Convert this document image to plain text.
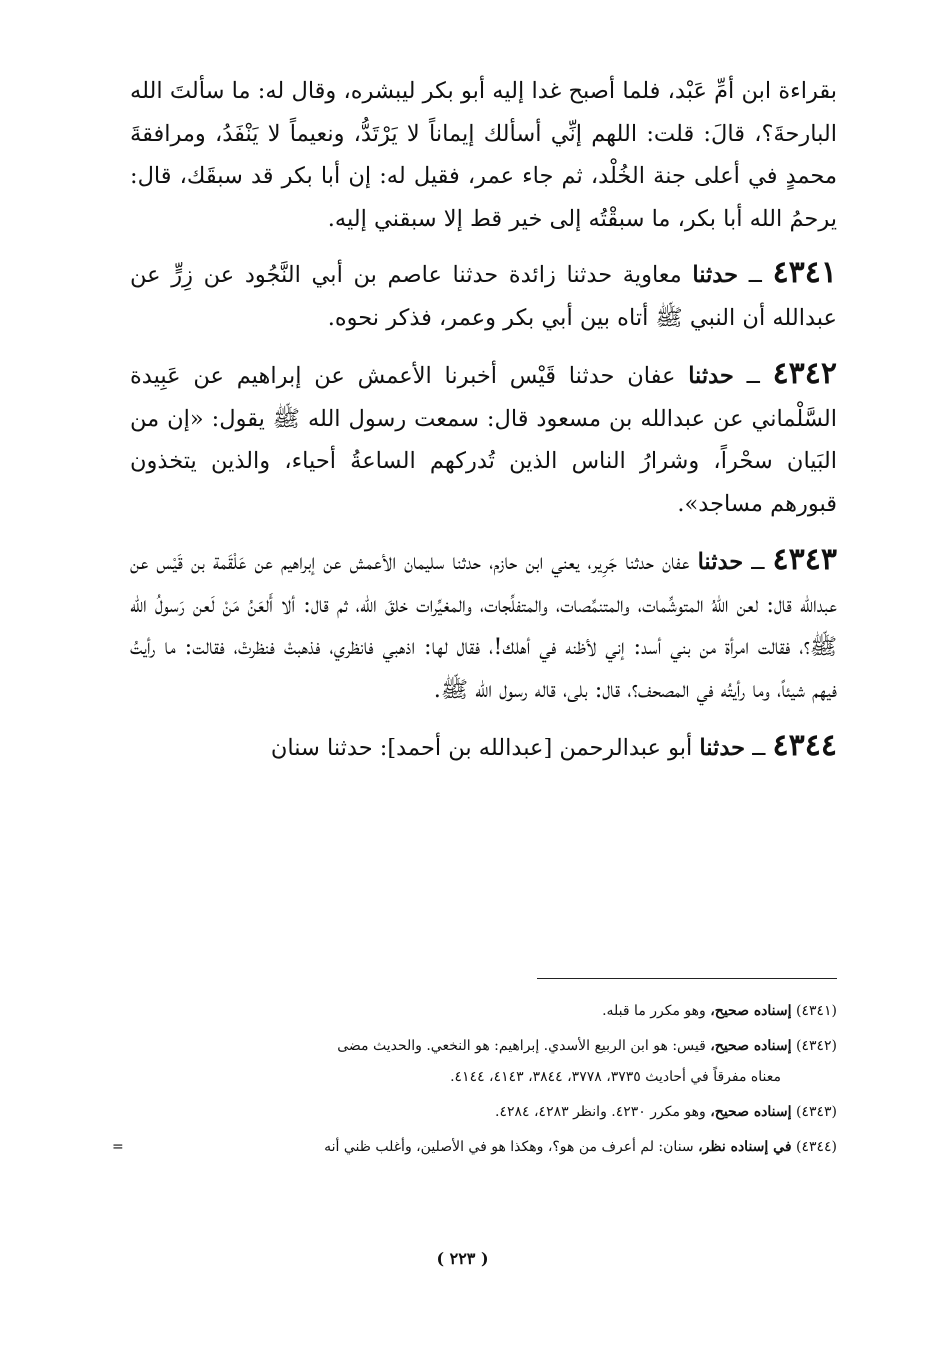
بقراءة ابن أمِّ عَبْد، فلما أصبح غدا إليه أبو بكر ليبشره، وقال له: ما سألتَ الله البارحةَ؟، قالَ: قلت: اللهم إنِّي أسألك إيماناً لا يَرْتَدُّ، ونعيماً لا يَنْفَدُ، ومرافقةَ محمدٍ في أعلى جنة الخُلْد، ثم جاء عمر، فقيل له: إن أبا بكر قد سبقَك، قال: يرحمُ الله أبا بكر، ما سبقْتُه إلى خير قط إلا سبقني إليه.

٤٣٤١ ــ حدثنا معاوية حدثنا زائدة حدثنا عاصم بن أبي النَّجُود عن زِرٍّ عن عبدالله أن النبي ﷺ أتاه بين أبي بكر وعمر، فذكر نحوه.

٤٣٤٢ ــ حدثنا عفان حدثنا قَيْس أخبرنا الأعمش عن إبراهيم عن عَبِيدة السَّلْماني عن عبدالله بن مسعود قال: سمعت رسول الله ﷺ يقول: «إن من البَيان سحْراً، وشرارُ الناس الذين تُدركهم الساعةُ أحياء، والذين يتخذون قبورهم مساجد».

٤٣٤٣ ــ حدثنا عفان حدثنا جَرِير، يعني ابن حازم، حدثنا سليمان الأعمش عن إبراهيم عن عَلْقَمة بن قَيْس عن عبدالله قال: لعن اللهُ المتوشِّمات، والمتنمِّصات، والمتفلِّجات، والمغيِّرات خلقَ الله، ثم قال: ألا أَلعَنُ مَنْ لَعن رَسولُ الله ﷺ؟، فقالت امرأة من بني أسد: إني لأظنه في أهلك!، فقال لها: اذهبي فانظري، فذهبتْ فنظرتْ، فقالت: ما رأيتُ فيهم شيئاً، وما رأيتُه في المصحف؟، قال: بلى، قاله رسول الله ﷺ.

٤٣٤٤ ــ حدثنا أبو عبدالرحمن [عبدالله بن أحمد]: حدثنا سنان

(٤٣٤١) إسناده صحيح، وهو مكرر ما قبله.
(٤٣٤٢) إسناده صحيح، قيس: هو ابن الربيع الأسدي. إبراهيم: هو النخعي. والحديث مضى
معناه مفرقاً في أحاديث ٣٧٣٥، ٣٧٧٨، ٣٨٤٤، ٤١٤٣، ٤١٤٤.
(٤٣٤٣) إسناده صحيح، وهو مكرر ٤٢٣٠. وانظر ٤٢٨٣، ٤٢٨٤.
(٤٣٤٤) في إسناده نظر، سنان: لم أعرف من هو؟، وهكذا هو في الأصلين، وأغلب ظني أنه
=
( ٢٢٣ )
